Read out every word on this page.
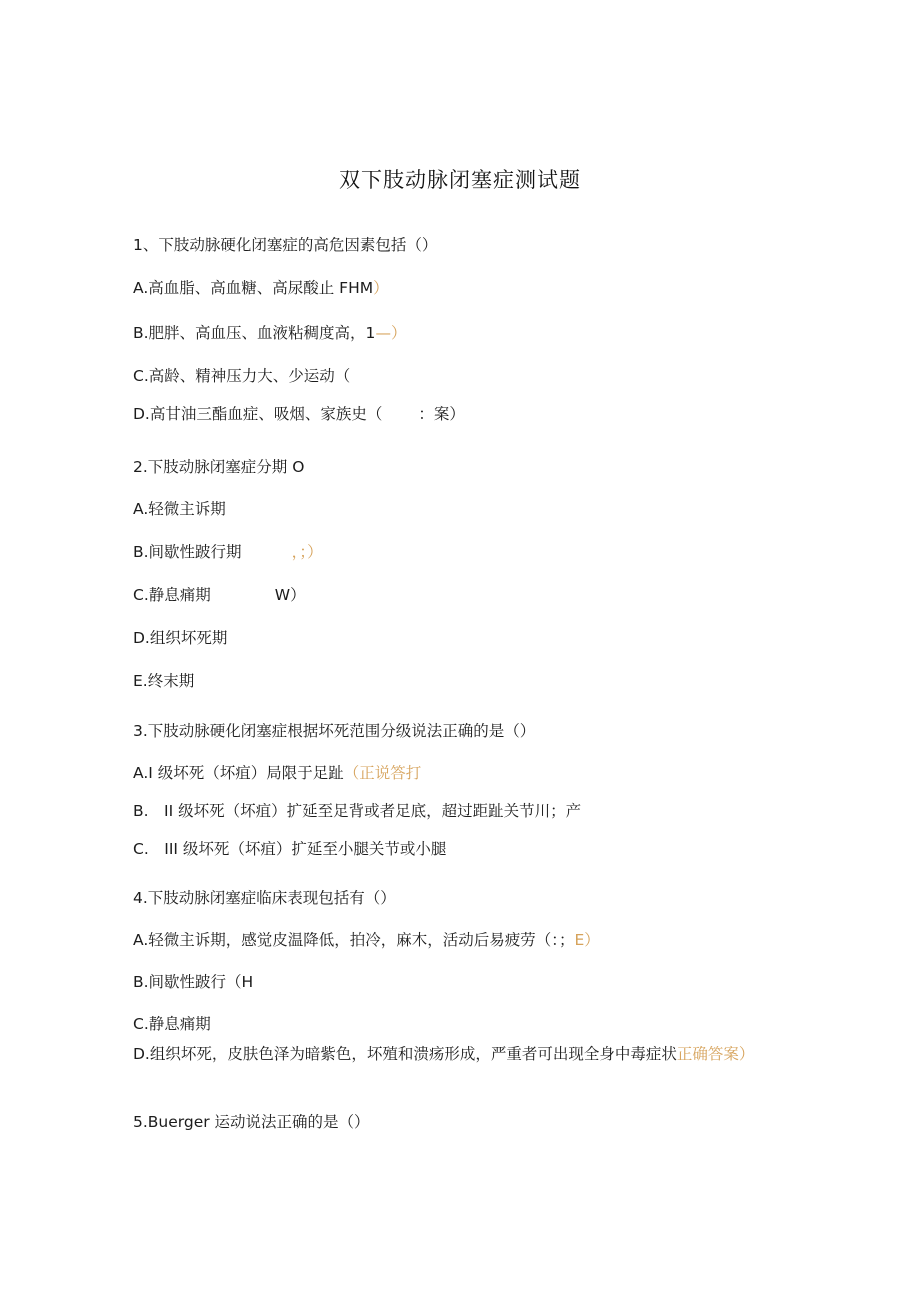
双下肢动脉闭塞症测试题
1、下肢动脉硬化闭塞症的高危因素包括（）
A.高血脂、高血糖、高尿酸止 FHM）
B.肥胖、高血压、血液粘稠度高，1—）
C.高龄、精神压力大、少运动（
D.高甘油三酯血症、吸烟、家族史（ ：案）
2.下肢动脉闭塞症分期 O
A.轻微主诉期
B.间歇性跛行期	，；）
C.静息痛期	W）
D.组织坏死期
E.终末期
3.下肢动脉硬化闭塞症根据坏死范围分级说法正确的是（）
A.I 级坏死（坏疽）局限于足趾（正说答打
B.　II 级坏死（坏疽）扩延至足背或者足底，超过距趾关节川；产
C.　III 级坏死（坏疽）扩延至小腿关节或小腿
4.下肢动脉闭塞症临床表现包括有（）
A.轻微主诉期，感觉皮温降低，拍冷，麻木，活动后易疲劳（：；E）
B.间歇性跛行（H
C.静息痛期
D.组织坏死，皮肤色泽为暗紫色，坏殖和溃疡形成，严重者可出现全身中毒症状正确答案）
5.Buerger 运动说法正确的是（）
